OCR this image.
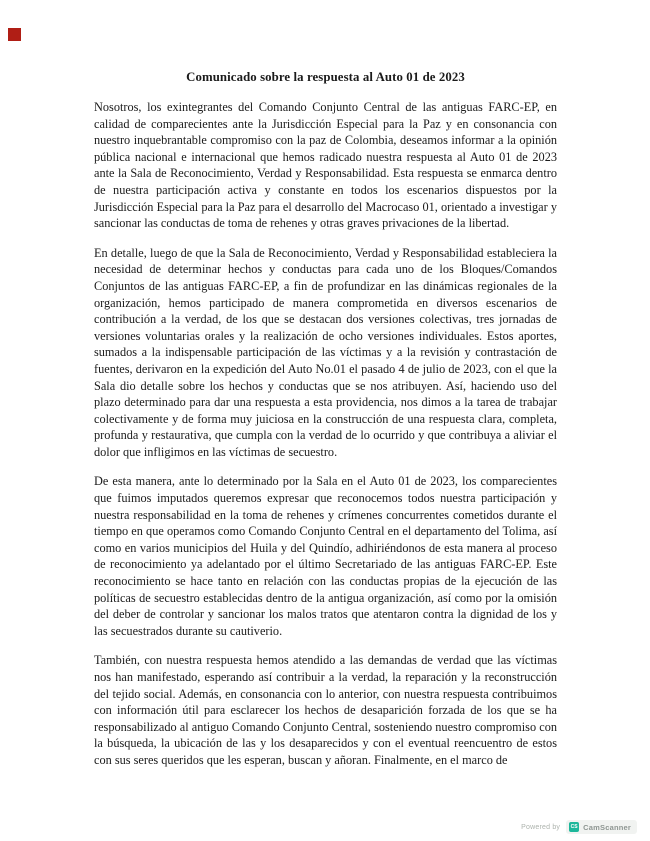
Comunicado sobre la respuesta al Auto 01 de 2023

Nosotros, los exintegrantes del Comando Conjunto Central de las antiguas FARC-EP, en calidad de comparecientes ante la Jurisdicción Especial para la Paz y en consonancia con nuestro inquebrantable compromiso con la paz de Colombia, deseamos informar a la opinión pública nacional e internacional que hemos radicado nuestra respuesta al Auto 01 de 2023 ante la Sala de Reconocimiento, Verdad y Responsabilidad. Esta respuesta se enmarca dentro de nuestra participación activa y constante en todos los escenarios dispuestos por la Jurisdicción Especial para la Paz para el desarrollo del Macrocaso 01, orientado a investigar y sancionar las conductas de toma de rehenes y otras graves privaciones de la libertad.

En detalle, luego de que la Sala de Reconocimiento, Verdad y Responsabilidad estableciera la necesidad de determinar hechos y conductas para cada uno de los Bloques/Comandos Conjuntos de las antiguas FARC-EP, a fin de profundizar en las dinámicas regionales de la organización, hemos participado de manera comprometida en diversos escenarios de contribución a la verdad, de los que se destacan dos versiones colectivas, tres jornadas de versiones voluntarias orales y la realización de ocho versiones individuales. Estos aportes, sumados a la indispensable participación de las víctimas y a la revisión y contrastación de fuentes, derivaron en la expedición del Auto No.01 el pasado 4 de julio de 2023, con el que la Sala dio detalle sobre los hechos y conductas que se nos atribuyen. Así, haciendo uso del plazo determinado para dar una respuesta a esta providencia, nos dimos a la tarea de trabajar colectivamente y de forma muy juiciosa en la construcción de una respuesta clara, completa, profunda y restaurativa, que cumpla con la verdad de lo ocurrido y que contribuya a aliviar el dolor que infligimos en las víctimas de secuestro.

De esta manera, ante lo determinado por la Sala en el Auto 01 de 2023, los comparecientes que fuimos imputados queremos expresar que reconocemos todos nuestra participación y nuestra responsabilidad en la toma de rehenes y crímenes concurrentes cometidos durante el tiempo en que operamos como Comando Conjunto Central en el departamento del Tolima, así como en varios municipios del Huila y del Quindío, adhiriéndonos de esta manera al proceso de reconocimiento ya adelantado por el último Secretariado de las antiguas FARC-EP. Este reconocimiento se hace tanto en relación con las conductas propias de la ejecución de las políticas de secuestro establecidas dentro de la antigua organización, así como por la omisión del deber de controlar y sancionar los malos tratos que atentaron contra la dignidad de los y las secuestrados durante su cautiverio.

También, con nuestra respuesta hemos atendido a las demandas de verdad que las víctimas nos han manifestado, esperando así contribuir a la verdad, la reparación y la reconstrucción del tejido social. Además, en consonancia con lo anterior, con nuestra respuesta contribuimos con información útil para esclarecer los hechos de desaparición forzada de los que se ha responsabilizado al antiguo Comando Conjunto Central, sosteniendo nuestro compromiso con la búsqueda, la ubicación de las y los desaparecidos y con el eventual reencuentro de estos con sus seres queridos que les esperan, buscan y añoran. Finalmente, en el marco de

Powered by	CS CamScanner
